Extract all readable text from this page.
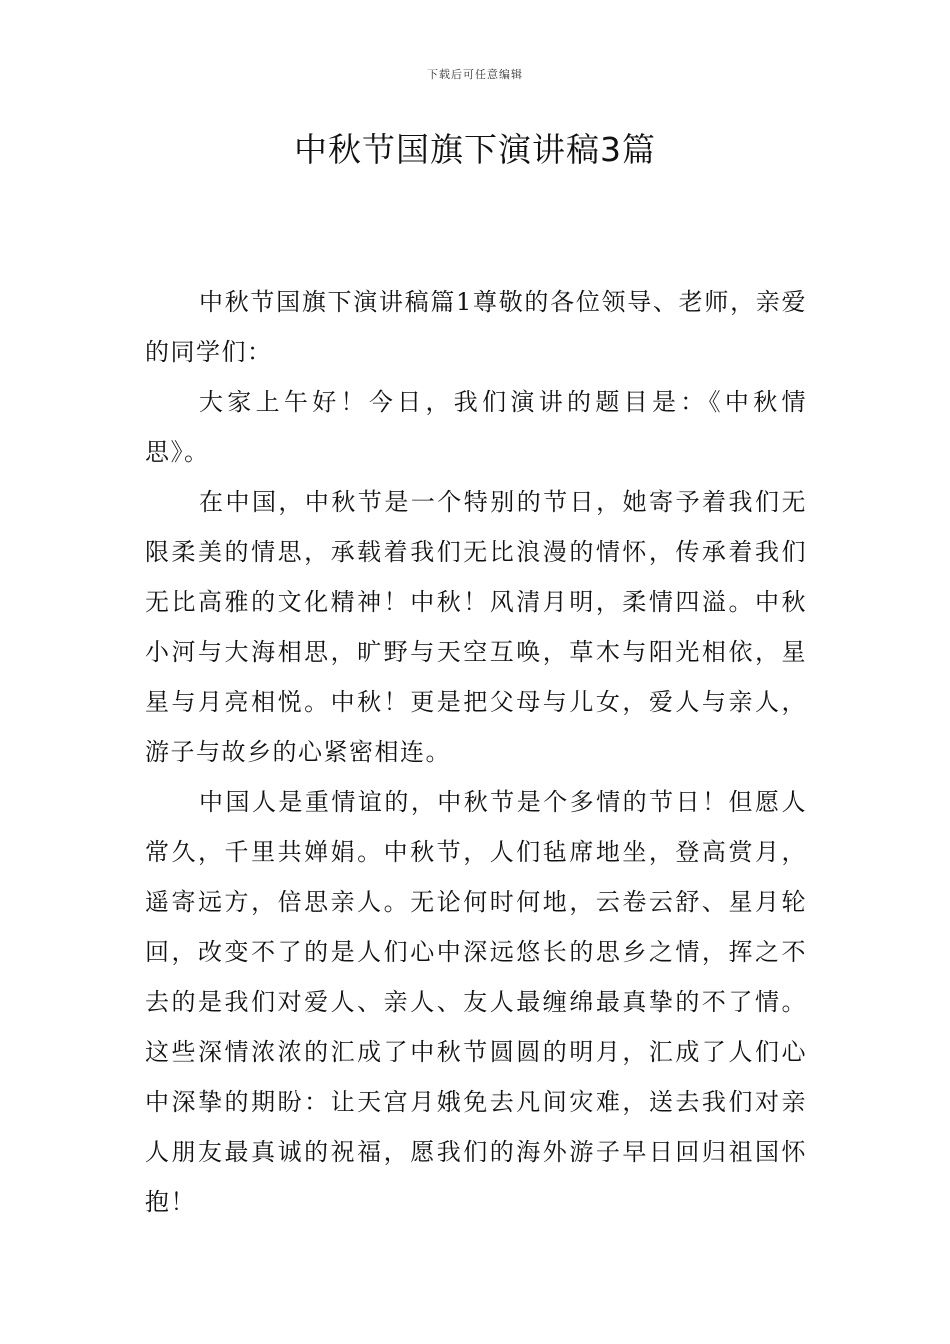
下载后可任意编辑
中秋节国旗下演讲稿3篇

中秋节国旗下演讲稿篇1尊敬的各位领导、老师，亲爱的同学们：

大家上午好！今日，我们演讲的题目是：《中秋情思》。

在中国，中秋节是一个特别的节日，她寄予着我们无限柔美的情思，承载着我们无比浪漫的情怀，传承着我们无比高雅的文化精神！中秋！风清月明，柔情四溢。中秋小河与大海相思，旷野与天空互唤，草木与阳光相依，星星与月亮相悦。中秋！更是把父母与儿女，爱人与亲人，游子与故乡的心紧密相连。

中国人是重情谊的，中秋节是个多情的节日！但愿人常久，千里共婵娟。中秋节，人们毡席地坐，登高赏月，遥寄远方，倍思亲人。无论何时何地，云卷云舒、星月轮回，改变不了的是人们心中深远悠长的思乡之情，挥之不去的是我们对爱人、亲人、友人最缠绵最真挚的不了情。这些深情浓浓的汇成了中秋节圆圆的明月，汇成了人们心中深挚的期盼：让天宫月娥免去凡间灾难，送去我们对亲人朋友最真诚的祝福，愿我们的海外游子早日回归祖国怀抱！
